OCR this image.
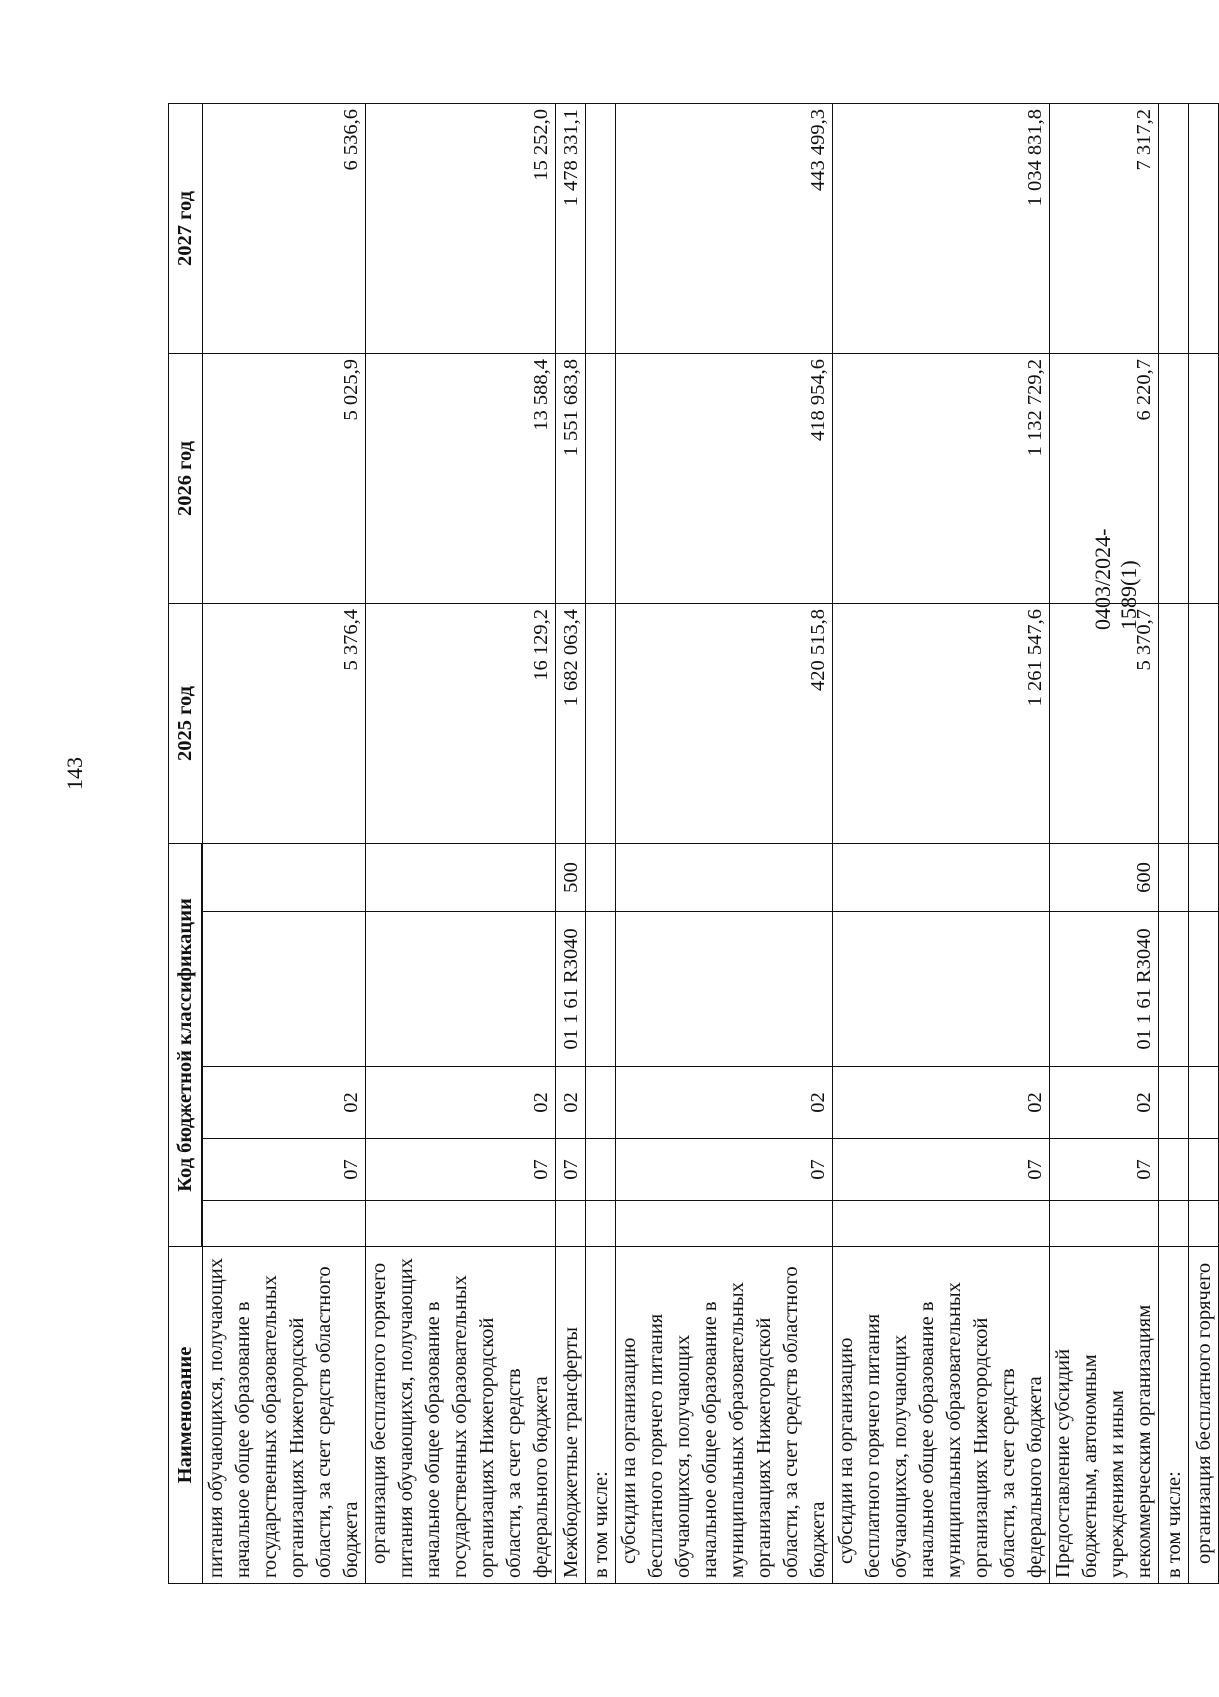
143
Наименование	Код бюджетной классификации					2025 год	2026 год	2027 год

питания обучающихся, получающих начальное общее образование в государственных образовательных организациях Нижегородской области, за счет средств областного бюджета		07	02			5 376,4	5 025,9	6 536,6
организация бесплатного горячего питания обучающихся, получающих начальное общее образование в государственных образовательных организациях Нижегородской области, за счет средств федерального бюджета		07	02			16 129,2	13 588,4	15 252,0
Межбюджетные трансферты		07	02	01 1 61 R3040	500	1 682 063,4	1 551 683,8	1 478 331,1
в том числе:								
субсидии на организацию бесплатного горячего питания обучающихся, получающих начальное общее образование в муниципальных образовательных организациях Нижегородской области, за счет средств областного бюджета		07	02			420 515,8	418 954,6	443 499,3
субсидии на организацию бесплатного горячего питания обучающихся, получающих начальное общее образование в муниципальных образовательных организациях Нижегородской области, за счет средств федерального бюджета		07	02			1 261 547,6	1 132 729,2	1 034 831,8
Предоставление субсидий бюджетным, автономным учреждениям и иным некоммерческим организациям		07	02	01 1 61 R3040	600	5 370,7	6 220,7	7 317,2
в том числе:								
организация бесплатного горячего								
0403/2024-1589(1)
